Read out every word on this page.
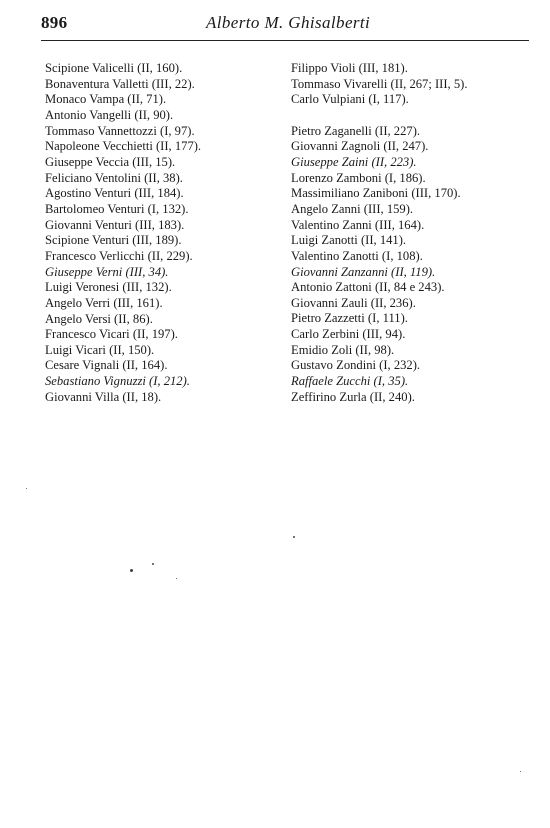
896	Alberto M. Ghisalberti
Scipione Valicelli (II, 160).
Bonaventura Valletti (III, 22).
Monaco Vampa (II, 71).
Antonio Vangelli (II, 90).
Tommaso Vannettozzi (I, 97).
Napoleone Vecchietti (II, 177).
Giuseppe Veccia (III, 15).
Feliciano Ventolini (II, 38).
Agostino Venturi (III, 184).
Bartolomeo Venturi (I, 132).
Giovanni Venturi (III, 183).
Scipione Venturi (III, 189).
Francesco Verlicchi (II, 229).
Giuseppe Verni (III, 34).
Luigi Veronesi (III, 132).
Angelo Verri (III, 161).
Angelo Versi (II, 86).
Francesco Vicari (II, 197).
Luigi Vicari (II, 150).
Cesare Vignali (II, 164).
Sebastiano Vignuzzi (I, 212).
Giovanni Villa (II, 18).
Filippo Violi (III, 181).
Tommaso Vivarelli (II, 267; III, 5).
Carlo Vulpiani (I, 117).
Pietro Zaganelli (II, 227).
Giovanni Zagnoli (II, 247).
Giuseppe Zaini (II, 223).
Lorenzo Zamboni (I, 186).
Massimiliano Zaniboni (III, 170).
Angelo Zanni (III, 159).
Valentino Zanni (III, 164).
Luigi Zanotti (II, 141).
Valentino Zanotti (I, 108).
Giovanni Zanzanni (II, 119).
Antonio Zattoni (II, 84 e 243).
Giovanni Zauli (II, 236).
Pietro Zazzetti (I, 111).
Carlo Zerbini (III, 94).
Emidio Zoli (II, 98).
Gustavo Zondini (I, 232).
Raffaele Zucchi (I, 35).
Zeffirino Zurla (II, 240).
